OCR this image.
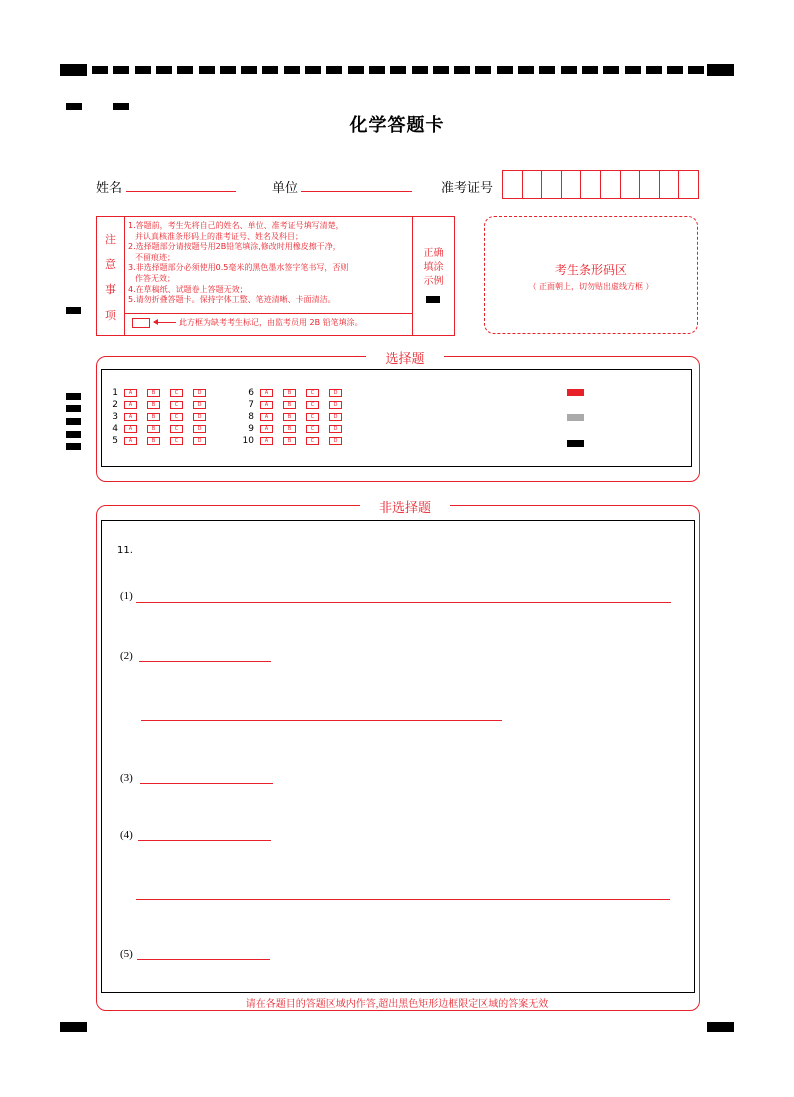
化学答题卡
姓名	单位	准考证号
注
意
事
项
1.答题前，考生先将自己的姓名、单位、准考证号填写清楚，
并认真核准条形码上的准考证号、姓名及科目；
2.选择题部分请按题号用2B铅笔填涂,修改时用橡皮擦干净，
不留痕迹；
3.非选择题部分必须使用0.5毫米的黑色墨水签字笔书写，否则
作答无效；
4.在草稿纸、试题卷上答题无效；
5.请勿折叠答题卡。保持字体工整、笔迹清晰、卡面清洁。
此方框为缺考考生标记，由监考员用 2B 铅笔填涂。
正确
填涂
示例
考生条形码区
（ 正面朝上，切勿贴出虚线方框 ）
选择题
1	A	B	C	D
2	A	B	C	D
3	A	B	C	D
4	A	B	C	D
5	A	B	C	D
6	A	B	C	D
7	A	B	C	D
8	A	B	C	D
9	A	B	C	D
10	A	B	C	D
非选择题
11.
(1)
(2)
(3)
(4)
(5)
请在各题目的答题区域内作答,超出黑色矩形边框限定区域的答案无效
